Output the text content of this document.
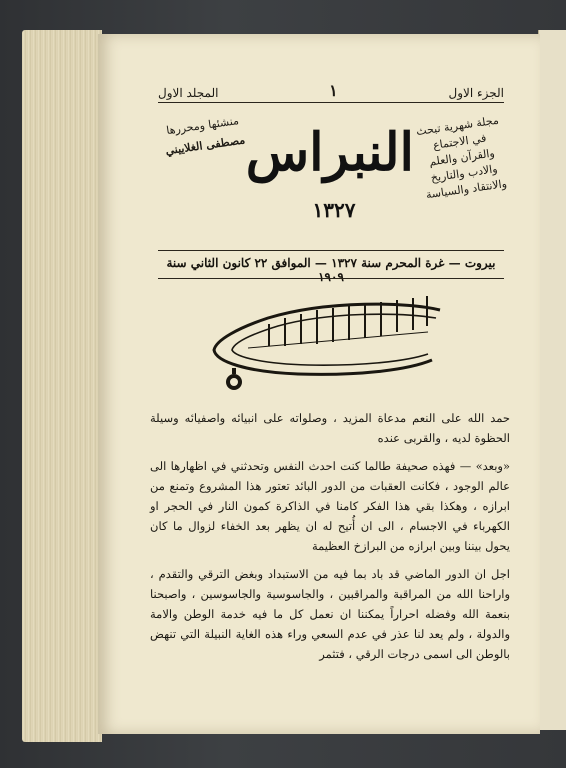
الجزء الاول
١
المجلد الاول
مجلة شهرية تبحث في الاجتماع والقرآن والعلم والادب والتاريخ والانتقاد والسياسة
النبراس
١٣٢٧
منشئها ومحررها
مصطفى الغلاييني
بيروت — غرة المحرم سنة ١٣٢٧ — الموافق ٢٢ كانون الثاني سنة ١٩٠٩

حمد الله على النعم مدعاة المزيد ، وصلواته على انبيائه واصفيائه وسيلة الحظوة لديه ، والقربى عنده

«وبعد» — فهذه صحيفة طالما كنت احدث النفس وتحدثني في اظهارها الى عالم الوجود ، فكانت العقبات من الدور البائد تعتور هذا المشروع وتمنع من ابرازه ، وهكذا بقي هذا الفكر كامنا في الذاكرة كمون النار في الحجر او الكهرباء في الاجسام ، الى ان أُتيح له ان يظهر بعد الخفاء لزوال ما كان يحول بيننا وبين ابرازه من البرازخ العظيمة

اجل ان الدور الماضي قد باد بما فيه من الاستبداد وبغض الترقي والتقدم ، واراحنا الله من المراقبة والمراقبين ، والجاسوسية والجاسوسين ، واصبحنا بنعمة الله وفضله احراراً يمكننا ان نعمل كل ما فيه خدمة الوطن والامة والدولة ، ولم يعد لنا عذر في عدم السعي وراء هذه الغاية النبيلة التي تنهض بالوطن الى اسمى درجات الرقي ، فتثمر
